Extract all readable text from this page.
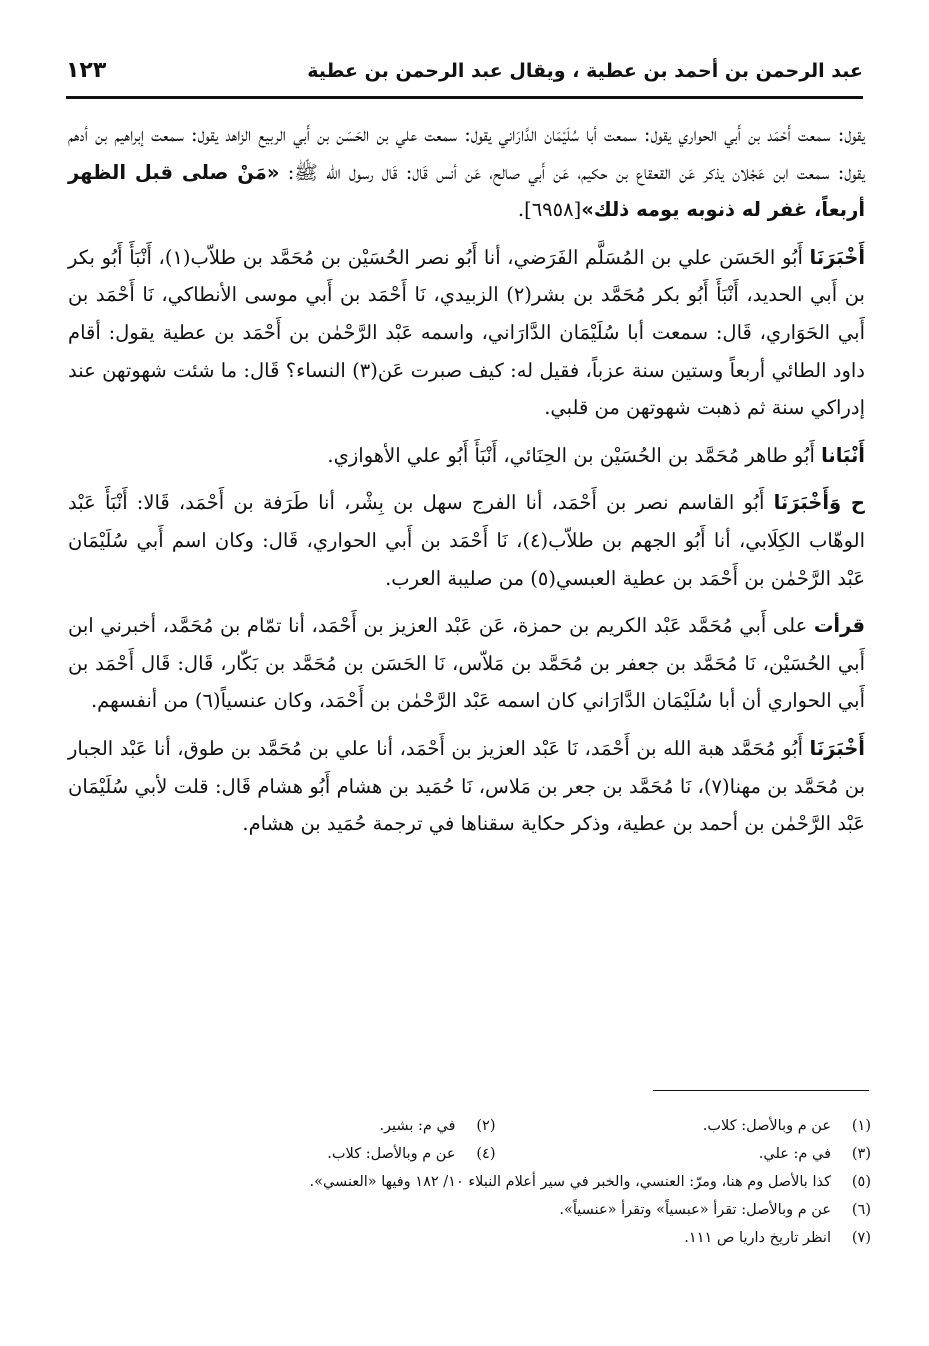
عبد الرحمن بن أحمد بن عطية ، ويقال عبد الرحمن بن عطية
١٢٣

يقول: سمعت أَحْمَد بن أَبي الحواري يقول: سمعت أبا سُلَيْمَان الدَّارَاني يقول: سمعت علي بن الحَسَن بن أَبي الربيع الزاهد يقول: سمعت إبراهيم بن أدهم يقول: سمعت ابن عَجْلان يذكر عَن القعقاع بن حكيم، عَن أَبي صالح، عَن أنس قَال: قَال رسول الله ﷺ: «مَنْ صلى قبل الظهر أربعاً، غفر له ذنوبه يومه ذلك»[٦٩٥٨].

أَخْبَرَنَا أَبُو الحَسَن علي بن المُسَلَّم الفَرَضي، أنا أَبُو نصر الحُسَيْن بن مُحَمَّد بن طلاّب(١)، أَنْبَأَ أَبُو بكر بن أَبي الحديد، أَنْبَأَ أَبُو بكر مُحَمَّد بن بشر(٢) الزبيدي، نَا أَحْمَد بن أَبي موسى الأنطاكي، نَا أَحْمَد بن أَبي الحَوَاري، قَال: سمعت أبا سُلَيْمَان الدَّارَاني، واسمه عَبْد الرَّحْمٰن بن أَحْمَد بن عطية يقول: أقام داود الطائي أربعاً وستين سنة عزباً، فقيل له: كيف صبرت عَن(٣) النساء؟ قَال: ما شئت شهوتهن عند إدراكي سنة ثم ذهبت شهوتهن من قلبي.

أَنْبَانا أَبُو طاهر مُحَمَّد بن الحُسَيْن بن الحِنَائي، أَنْبَأَ أَبُو علي الأهوازي.

ح وَأَخْبَرَنَا أَبُو القاسم نصر بن أَحْمَد، أنا الفرج سهل بن بِشْر، أنا طَرَفة بن أَحْمَد، قَالا: أَنْبَأَ عَبْد الوهّاب الكِلَابي، أنا أَبُو الجهم بن طلاّب(٤)، نَا أَحْمَد بن أَبي الحواري، قَال: وكان اسم أَبي سُلَيْمَان عَبْد الرَّحْمٰن بن أَحْمَد بن عطية العبسي(٥) من صليبة العرب.

قرأت على أَبي مُحَمَّد عَبْد الكريم بن حمزة، عَن عَبْد العزيز بن أَحْمَد، أنا تمّام بن مُحَمَّد، أخبرني ابن أَبي الحُسَيْن، نَا مُحَمَّد بن جعفر بن مُحَمَّد بن مَلاّس، نَا الحَسَن بن مُحَمَّد بن بَكّار، قَال: قَال أَحْمَد بن أَبي الحواري أن أبا سُلَيْمَان الدَّارَاني كان اسمه عَبْد الرَّحْمٰن بن أَحْمَد، وكان عنسياً(٦) من أنفسهم.

أَخْبَرَنَا أَبُو مُحَمَّد هبة الله بن أَحْمَد، نَا عَبْد العزيز بن أَحْمَد، أنا علي بن مُحَمَّد بن طوق، أنا عَبْد الجبار بن مُحَمَّد بن مهنا(٧)، نَا مُحَمَّد بن جعر بن مَلاس، نَا حُمَيد بن هشام أَبُو هشام قَال: قلت لأبي سُلَيْمَان عَبْد الرَّحْمٰن بن أحمد بن عطية، وذكر حكاية سقناها في ترجمة حُمَيد بن هشام.

(١)
عن م وبالأصل: كلاب.
(٢)
في م: بشير.
(٣)
في م: علي.
(٤)
عن م وبالأصل: كلاب.
(٥)
كذا بالأصل وم هنا، ومرّ: العنسي، والخبر في سير أعلام النبلاء ١٠/ ١٨٢ وفيها «العنسي».
(٦)
عن م وبالأصل: تقرأ «عبسياً» وتقرأ «عنسياً».
(٧)
انظر تاريخ داريا ص ١١١.
